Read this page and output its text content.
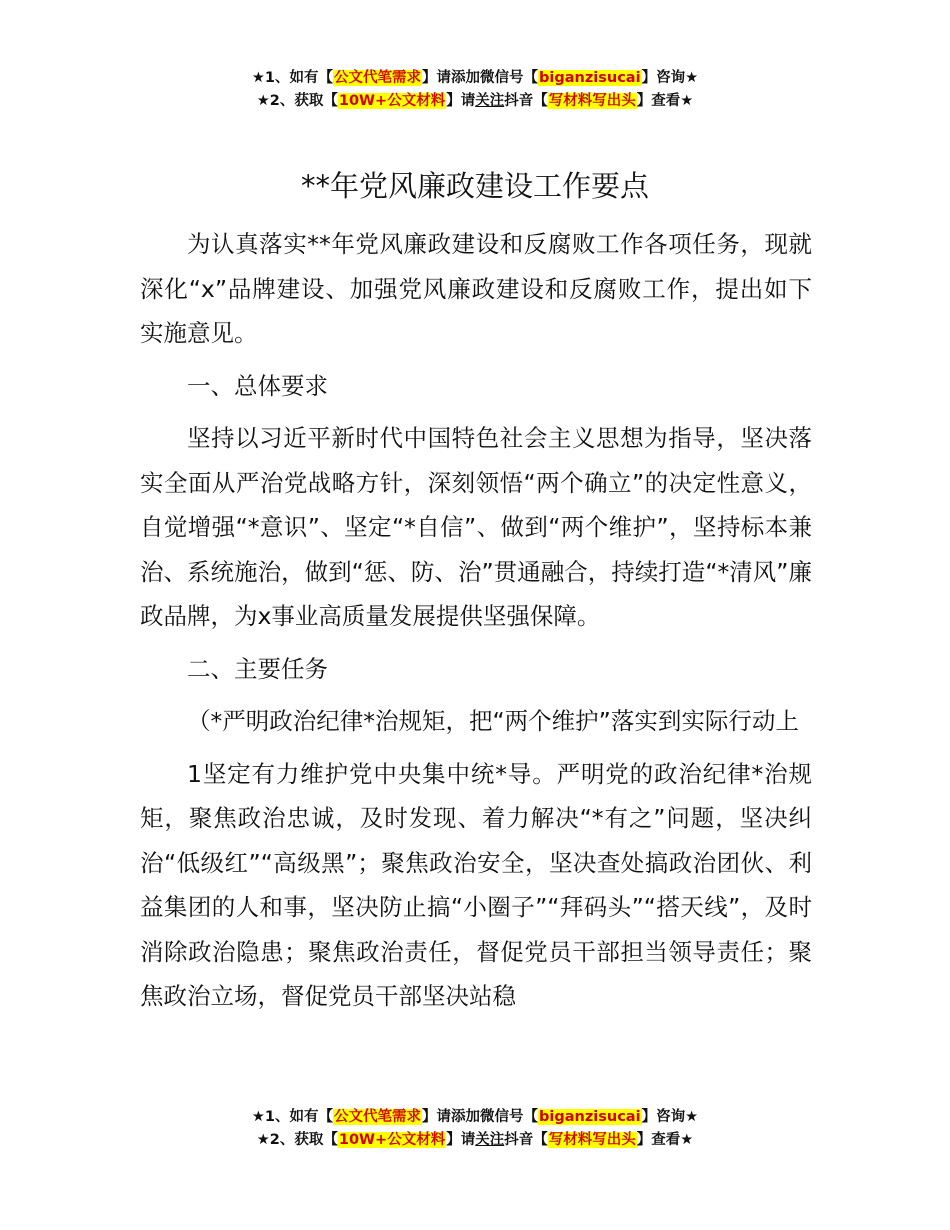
★1、如有【公文代笔需求】请添加微信号【biganzisucai】咨询★
★2、获取【10W+公文材料】请关注抖音【写材料写出头】查看★
**年党风廉政建设工作要点

为认真落实**年党风廉政建设和反腐败工作各项任务，现就深化“x”品牌建设、加强党风廉政建设和反腐败工作，提出如下实施意见。

一、总体要求

坚持以习近平新时代中国特色社会主义思想为指导，坚决落实全面从严治党战略方针，深刻领悟“两个确立”的决定性意义，自觉增强“*意识”、坚定“*自信”、做到“两个维护”，坚持标本兼治、系统施治，做到“惩、防、治”贯通融合，持续打造“*清风”廉政品牌，为x事业高质量发展提供坚强保障。

二、主要任务

（*严明政治纪律*治规矩，把“两个维护”落实到实际行动上

1坚定有力维护党中央集中统*导。严明党的政治纪律*治规矩，聚焦政治忠诚，及时发现、着力解决“*有之”问题，坚决纠治“低级红”“高级黑”；聚焦政治安全，坚决查处搞政治团伙、利益集团的人和事，坚决防止搞“小圈子”“拜码头”“搭天线”，及时消除政治隐患；聚焦政治责任，督促党员干部担当领导责任；聚焦政治立场，督促党员干部坚决站稳

★1、如有【公文代笔需求】请添加微信号【biganzisucai】咨询★
★2、获取【10W+公文材料】请关注抖音【写材料写出头】查看★
